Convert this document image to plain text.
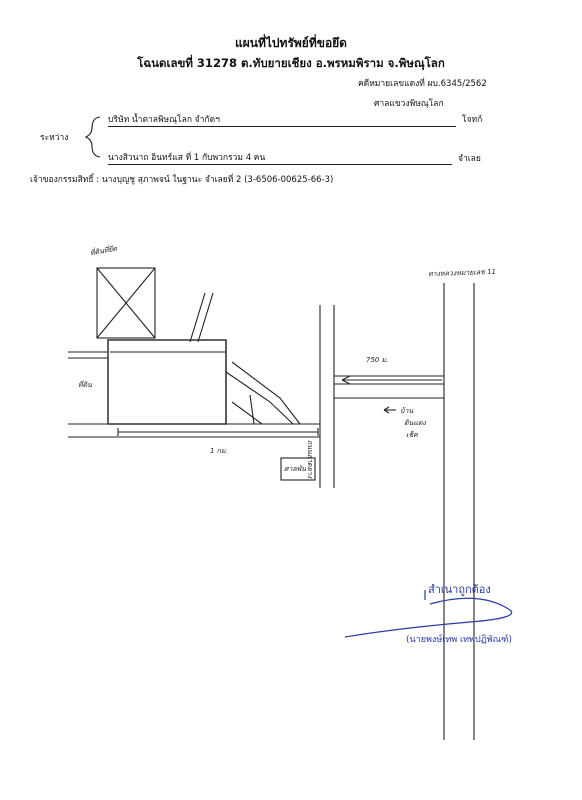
แผนที่ไปทรัพย์ที่ขอยึด
โฉนดเลขที่ 31278 ต.ทับยายเชียง อ.พรหมพิราม จ.พิษณุโลก
คดีหมายเลขแดงที่ ผบ.6345/2562
ศาลแขวงพิษณุโลก
ระหว่าง
บริษัท น้ำตาลพิษณุโลก จำกัดฯ	โจทก์
นางสิวนาถ อินทร์แส ที่ 1 กับพวกรวม 4 คน	จำเลย
เจ้าของกรรมสิทธิ์ : นางบุญชู สุภาพจน์ ในฐานะ จำเลยที่ 2 (3-6506-00625-66-3)
ที่ดินที่ยึด
ทางหลวงหมายเลข 11
ที่ดิน
750 ม.
บ้าน
ดินแดง
เช็ค
ถนนลาดยาง
1 กม.
ศาลพัน
สำเนาถูกต้อง
(นายพงษ์เทพ เทพปฏิพัณฑ์)
